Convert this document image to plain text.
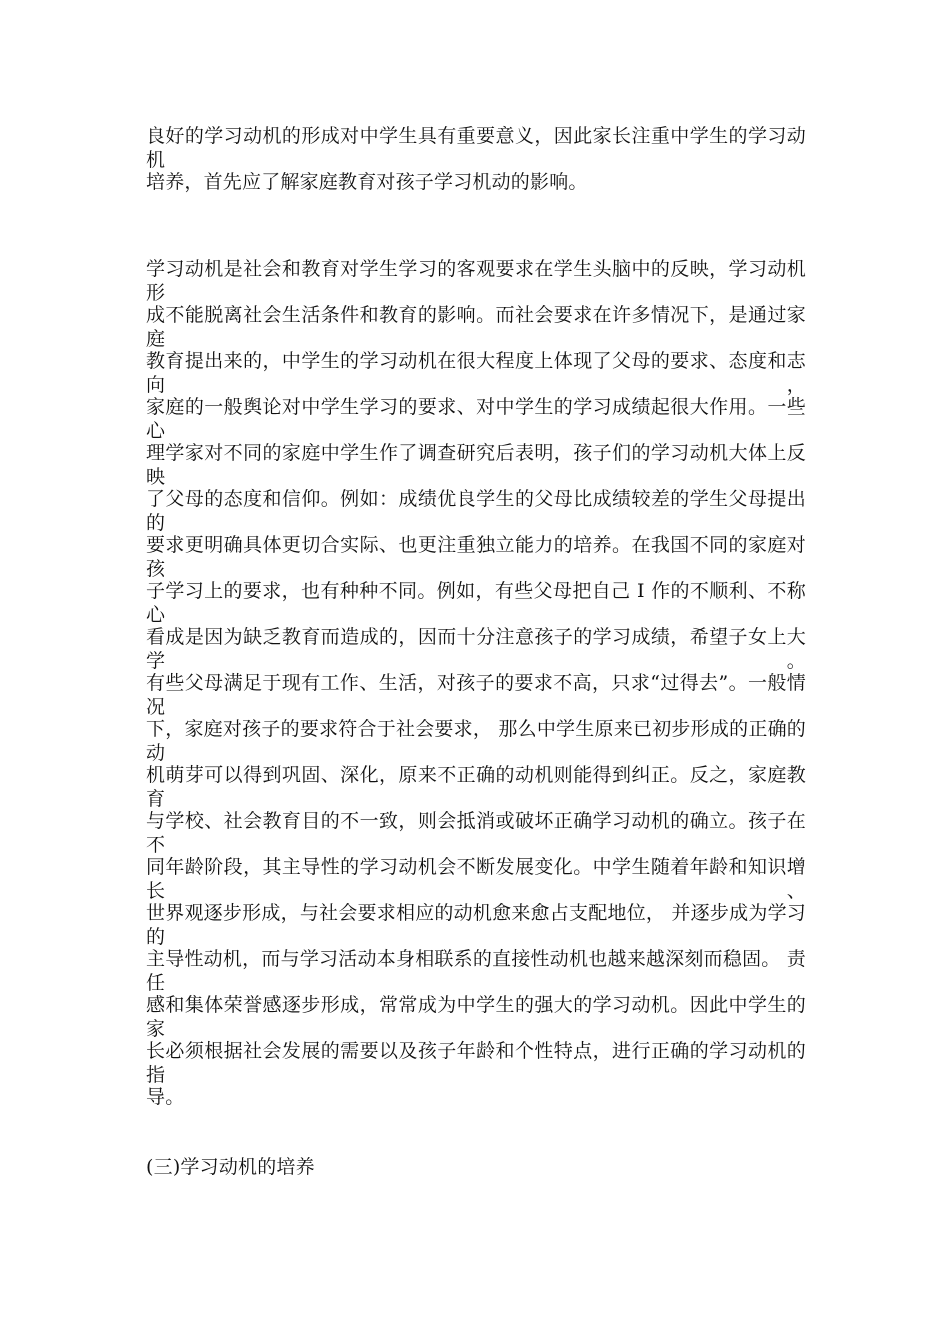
良好的学习动机的形成对中学生具有重要意义，因此家长注重中学生的学习动机
培养，首先应了解家庭教育对孩子学习机动的影响。
学习动机是社会和教育对学生学习的客观要求在学生头脑中的反映，学习动机形
成不能脱离社会生活条件和教育的影响。而社会要求在许多情况下，是通过家庭
教育提出来的，中学生的学习动机在很大程度上体现了父母的要求、态度和志向，
家庭的一般舆论对中学生学习的要求、对中学生的学习成绩起很大作用。一些心
理学家对不同的家庭中学生作了调查研究后表明，孩子们的学习动机大体上反映
了父母的态度和信仰。例如：成绩优良学生的父母比成绩较差的学生父母提出的
要求更明确具体更切合实际、也更注重独立能力的培养。在我国不同的家庭对孩
子学习上的要求，也有种种不同。例如，有些父母把自己 I 作的不顺利、不称心
看成是因为缺乏教育而造成的，因而十分注意孩子的学习成绩，希望子女上大学。
有些父母满足于现有工作、生活，对孩子的要求不高，只求“过得去”。一般情况
下，家庭对孩子的要求符合于社会要求， 那么中学生原来已初步形成的正确的动
机萌芽可以得到巩固、深化，原来不正确的动机则能得到纠正。反之，家庭教育
与学校、社会教育目的不一致，则会抵消或破坏正确学习动机的确立。孩子在不
同年龄阶段，其主导性的学习动机会不断发展变化。中学生随着年龄和知识增长、
世界观逐步形成，与社会要求相应的动机愈来愈占支配地位， 并逐步成为学习的
主导性动机，而与学习活动本身相联系的直接性动机也越来越深刻而稳固。 责任
感和集体荣誉感逐步形成，常常成为中学生的强大的学习动机。因此中学生的家
长必须根据社会发展的需要以及孩子年龄和个性特点，进行正确的学习动机的指
导。
(三)学习动机的培养
